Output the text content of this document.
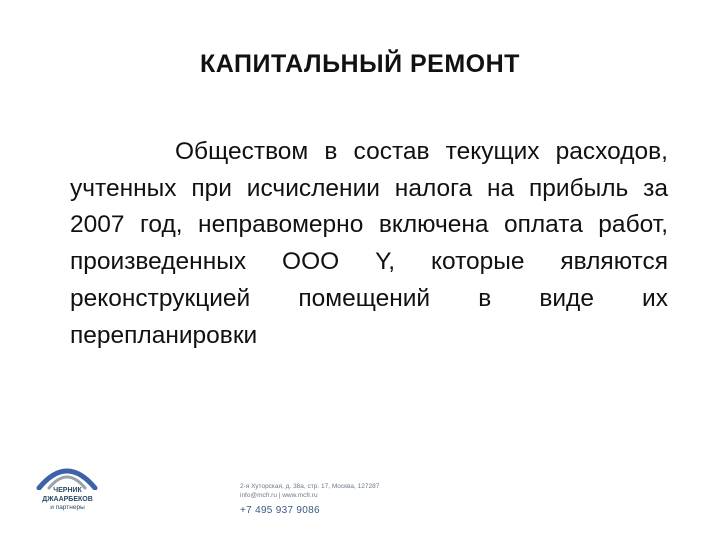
КАПИТАЛЬНЫЙ РЕМОНТ

Обществом в состав текущих расходов, учтенных при исчислении налога на прибыль за 2007 год, неправомерно включена оплата работ, произведенных ООО Y, которые являются реконструкцией помещений в виде их перепланировки

ЧЕРНИК
ДЖААРБЕКОВ
и партнеры
2-я Хуторская, д. 38а, стр. 17, Москва, 127287
info@mcfr.ru | www.mcfr.ru
+7 495 937 9086
